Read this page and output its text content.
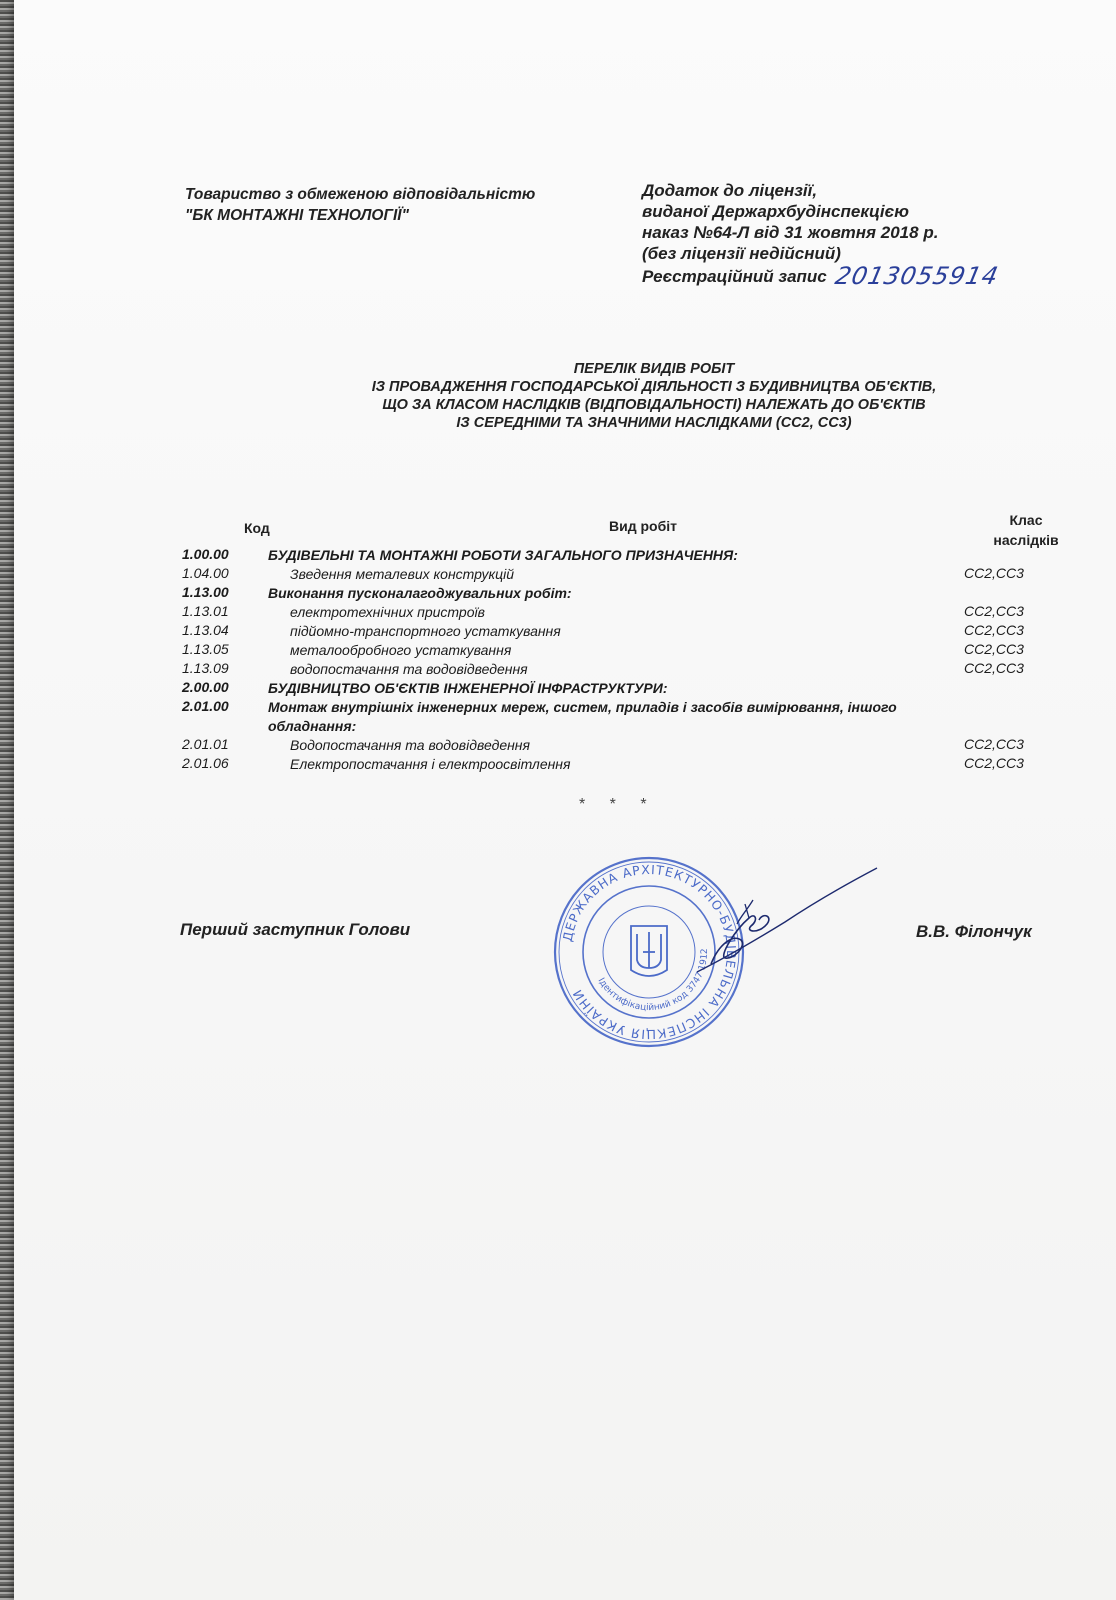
Товариство з обмеженою відповідальністю
"БК МОНТАЖНІ ТЕХНОЛОГІЇ"
Додаток до ліцензії,
виданої Держархбудінспекцією
наказ №64-Л від 31 жовтня 2018 р.
(без ліцензії недійсний)
Реєстраційний запис 2013055914
ПЕРЕЛІК ВИДІВ РОБІТ
ІЗ ПРОВАДЖЕННЯ ГОСПОДАРСЬКОЇ ДІЯЛЬНОСТІ З БУДИВНИЦТВА ОБ'ЄКТІВ,
ЩО ЗА КЛАСОМ НАСЛІДКІВ (ВІДПОВІДАЛЬНОСТІ) НАЛЕЖАТЬ ДО ОБ'ЄКТІВ
ІЗ СЕРЕДНІМИ ТА ЗНАЧНИМИ НАСЛІДКАМИ (СС2, СС3)
Код	Вид робіт	Клас
наслідків
1.00.00	БУДІВЕЛЬНІ ТА МОНТАЖНІ РОБОТИ ЗАГАЛЬНОГО ПРИЗНАЧЕННЯ:
1.04.00	Зведення металевих конструкцій	СС2,СС3
1.13.00	Виконання пусконалагоджувальних робіт:
1.13.01	електротехнічних пристроїв	СС2,СС3
1.13.04	підйомно-транспортного устаткування	СС2,СС3
1.13.05	металообробного устаткування	СС2,СС3
1.13.09	водопостачання та водовідведення	СС2,СС3
2.00.00	БУДІВНИЦТВО ОБ'ЄКТІВ ІНЖЕНЕРНОЇ ІНФРАСТРУКТУРИ:
2.01.00	Монтаж внутрішніх інженерних мереж, систем, приладів і засобів вимірювання, іншого обладнання:
2.01.01	Водопостачання та водовідведення	СС2,СС3
2.01.06	Електропостачання і електроосвітлення	СС2,СС3
* * *
Перший заступник Голови	В.В. Філончук
ДЕРЖАВНА АРХІТЕКТУРНО-БУДІВЕЛЬНА ІНСПЕКЦІЯ УКРАЇНИ
Ідентифікаційний код 3747 1912
